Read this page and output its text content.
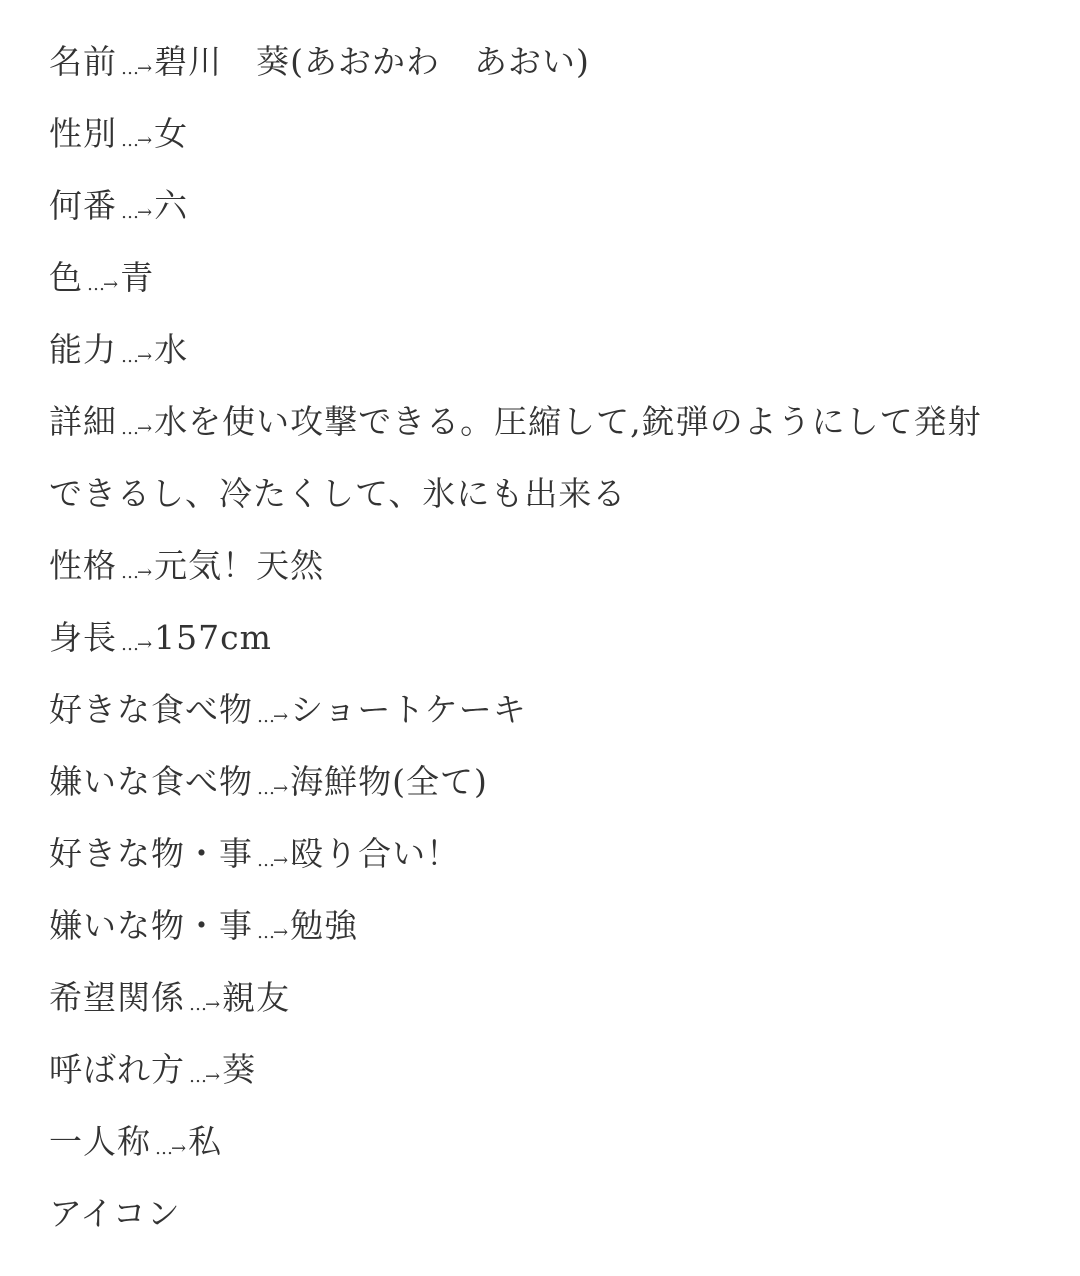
名前 …→ 碧川　葵(あおかわ　あおい)
性別 …→ 女
何番 …→ 六
色 …→ 青
能力 …→ 水
詳細 …→ 水を使い攻撃できる。圧縮して,銃弾のようにして発射
できるし、冷たくして、氷にも出来る
性格 …→ 元気！天然
身長 …→ 157cm
好きな食べ物 …→ ショートケーキ
嫌いな食べ物 …→ 海鮮物(全て)
好きな物・事 …→ 殴り合い！
嫌いな物・事 …→ 勉強
希望関係 …→ 親友
呼ばれ方 …→ 葵
一人称 …→ 私
アイコン
